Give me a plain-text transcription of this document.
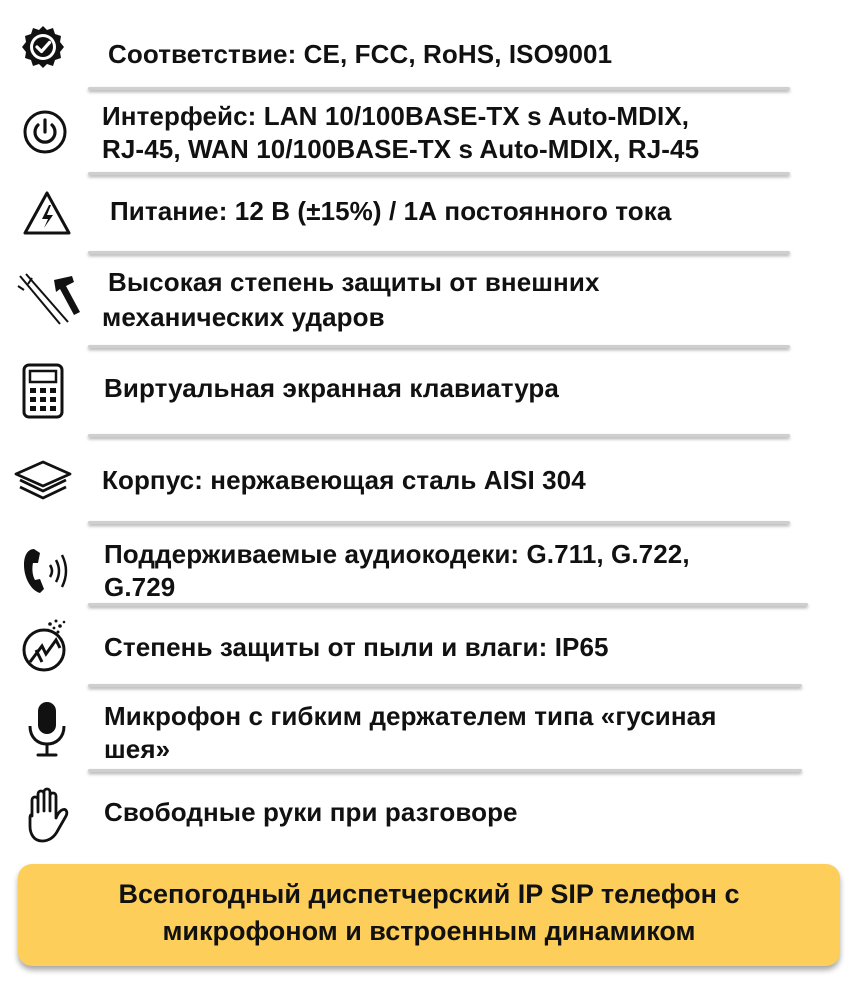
Соответствие: CE, FCC, RoHS, ISO9001
Интерфейс: LAN 10/100BASE-TX s Auto-MDIX,
RJ-45, WAN 10/100BASE-TX s Auto-MDIX, RJ-45
Питание: 12 В (±15%) / 1А постоянного тока
Высокая степень защиты от внешних
механических ударов
Виртуальная экранная клавиатура
Корпус: нержавеющая сталь AISI 304
Поддерживаемые аудиокодеки: G.711, G.722,
G.729
Степень защиты от пыли и влаги: IP65
Микрофон с гибким держателем типа «гусиная
шея»
Свободные руки при разговоре
Всепогодный диспетчерский IP SIP телефон с
микрофоном и встроенным динамиком
